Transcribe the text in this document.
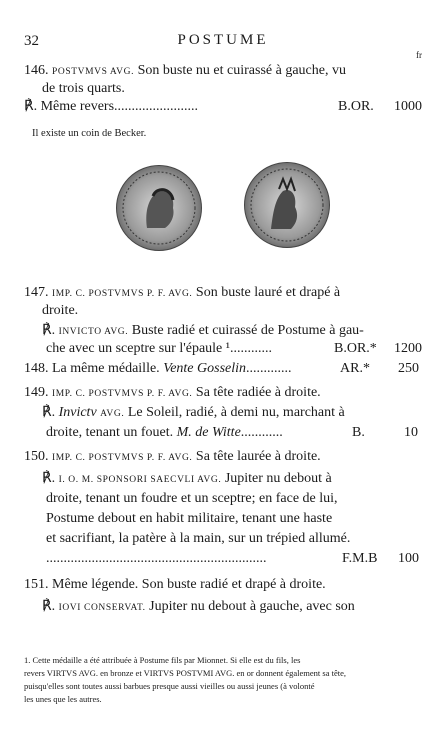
32	POSTUME
fr
146. POSTVMVS AVG. Son buste nu et cuirassé à gauche, vu
de trois quarts.
℟. Même revers........................	B.OR. 1000
Il existe un coin de Becker.
147. IMP. C. POSTVMVS P. F. AVG. Son buste lauré et drapé à
droite.
℟. INVICTO AVG. Buste radié et cuirassé de Postume à gau-
che avec un sceptre sur l'épaule ¹............	B.OR.* 1200
148. La même médaille. Vente Gosselin.............	AR.* 250
149. IMP. C. POSTVMVS P. F. AVG. Sa tête radiée à droite.
℟. Invictv AVG. Le Soleil, radié, à demi nu, marchant à
droite, tenant un fouet. M. de Witte............	B.	10
150. IMP. C. POSTVMVS P. F. AVG. Sa tête laurée à droite.
℟. I. O. M. SPONSORI SAECVLI AVG. Jupiter nu debout à
droite, tenant un foudre et un sceptre; en face de lui,
Postume debout en habit militaire, tenant une haste
et sacrifiant, la patère à la main, sur un trépied allumé.
...............................................................	F.M.B 100
151. Même légende. Son buste radié et drapé à droite.
℟. IOVI CONSERVAT. Jupiter nu debout à gauche, avec son
1. Cette médaille a été attribuée à Postume fils par Mionnet. Si elle est du fils, les
revers VIRTVS AVG. en bronze et VIRTVS POSTVMI AVG. en or donnent également sa tête,
puisqu'elles sont toutes aussi barbues presque aussi vieilles ou aussi jeunes (à volonté
les unes que les autres.
